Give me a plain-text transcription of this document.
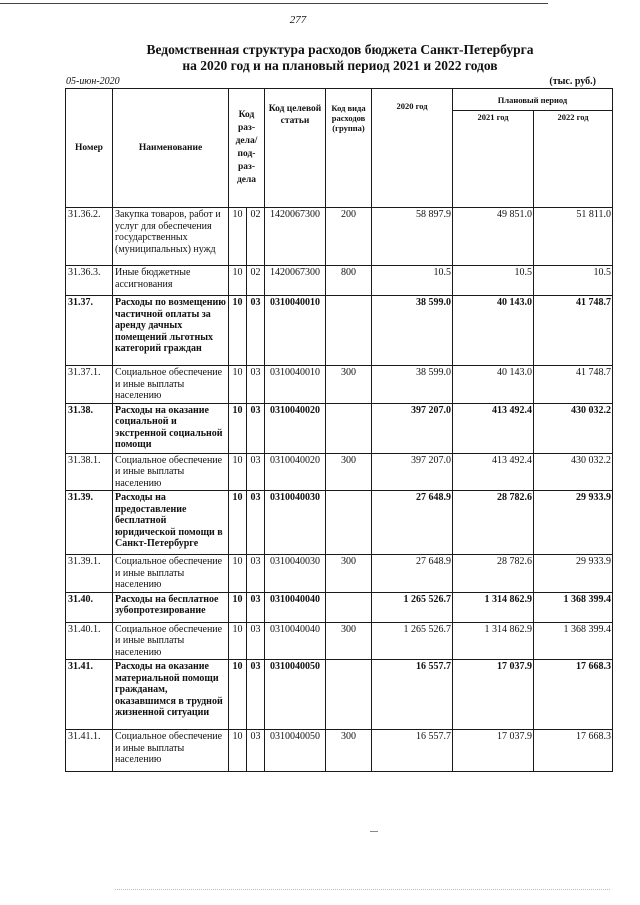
277
Ведомственная структура расходов бюджета Санкт-Петербурга
на 2020 год и на плановый период 2021 и 2022 годов
05-июн-2020	(тыс. руб.)
Номер	Наименование	Код раз-дела/ под-раз-дела		Код целевой статьи	Код вида расходов (группа)	2020 год	Плановый период	
							2021 год	2022 год
31.36.2.	Закупка товаров, работ и услуг для обеспечения государственных (муниципальных) нужд	10	02	1420067300	200	58 897.9	49 851.0	51 811.0
31.36.3.	Иные бюджетные ассигнования	10	02	1420067300	800	10.5	10.5	10.5
31.37.	Расходы по возмещению частичной оплаты за аренду дачных помещений льготных категорий граждан	10	03	0310040010		38 599.0	40 143.0	41 748.7
31.37.1.	Социальное обеспечение и иные выплаты населению	10	03	0310040010	300	38 599.0	40 143.0	41 748.7
31.38.	Расходы на оказание социальной и экстренной социальной помощи	10	03	0310040020		397 207.0	413 492.4	430 032.2
31.38.1.	Социальное обеспечение и иные выплаты населению	10	03	0310040020	300	397 207.0	413 492.4	430 032.2
31.39.	Расходы на предоставление бесплатной юридической помощи в Санкт-Петербурге	10	03	0310040030		27 648.9	28 782.6	29 933.9
31.39.1.	Социальное обеспечение и иные выплаты населению	10	03	0310040030	300	27 648.9	28 782.6	29 933.9
31.40.	Расходы на бесплатное зубопротезирование	10	03	0310040040		1 265 526.7	1 314 862.9	1 368 399.4
31.40.1.	Социальное обеспечение и иные выплаты населению	10	03	0310040040	300	1 265 526.7	1 314 862.9	1 368 399.4
31.41.	Расходы на оказание материальной помощи гражданам, оказавшимся в трудной жизненной ситуации	10	03	0310040050		16 557.7	17 037.9	17 668.3
31.41.1.	Социальное обеспечение и иные выплаты населению	10	03	0310040050	300	16 557.7	17 037.9	17 668.3
